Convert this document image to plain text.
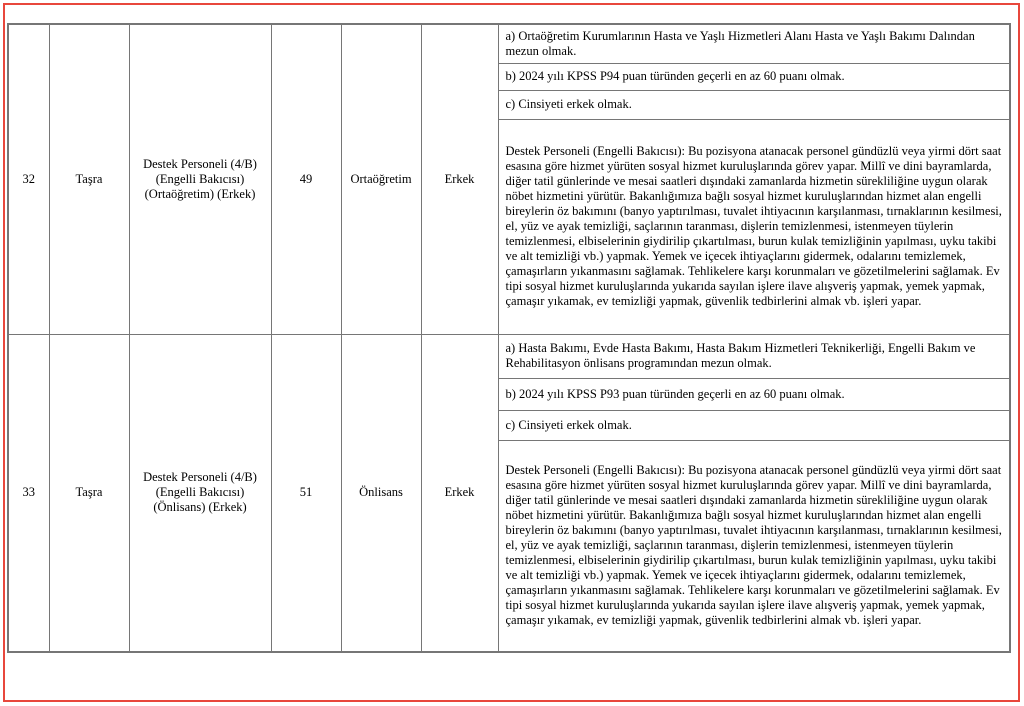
32	Taşra	Destek Personeli (4/B) (Engelli Bakıcısı) (Ortaöğretim) (Erkek)	49	Ortaöğretim	Erkek	a) Ortaöğretim Kurumlarının Hasta ve Yaşlı Hizmetleri Alanı Hasta ve Yaşlı Bakımı Dalından mezun olmak.
						b) 2024 yılı KPSS P94 puan türünden geçerli en az 60 puanı olmak.
						c) Cinsiyeti erkek olmak.
						Destek Personeli (Engelli Bakıcısı): Bu pozisyona atanacak personel gündüzlü veya yirmi dört saat esasına göre hizmet yürüten sosyal hizmet kuruluşlarında görev yapar. Millî ve dini bayramlarda, diğer tatil günlerinde ve mesai saatleri dışındaki zamanlarda hizmetin sürekliliğine uygun olarak nöbet hizmetini yürütür. Bakanlığımıza bağlı sosyal hizmet kuruluşlarından hizmet alan engelli bireylerin öz bakımını (banyo yaptırılması, tuvalet ihtiyacının karşılanması, tırnaklarının kesilmesi, el, yüz ve ayak temizliği, saçlarının taranması, dişlerin temizlenmesi, istenmeyen tüylerin temizlenmesi, elbiselerinin giydirilip çıkartılması, burun kulak temizliğinin yapılması, uyku takibi ve alt temizliği vb.) yapmak. Yemek ve içecek ihtiyaçlarını gidermek, odalarını temizlemek, çamaşırların yıkanmasını sağlamak. Tehlikelere karşı korunmaları ve gözetilmelerini sağlamak. Ev tipi sosyal hizmet kuruluşlarında yukarıda sayılan işlere ilave alışveriş yapmak, yemek yapmak, çamaşır yıkamak, ev temizliği yapmak, güvenlik tedbirlerini almak vb. işleri yapar.
33	Taşra	Destek Personeli (4/B) (Engelli Bakıcısı) (Önlisans) (Erkek)	51	Önlisans	Erkek	a) Hasta Bakımı, Evde Hasta Bakımı, Hasta Bakım Hizmetleri Teknikerliği, Engelli Bakım ve Rehabilitasyon önlisans programından mezun olmak.
						b) 2024 yılı KPSS P93 puan türünden geçerli en az 60 puanı olmak.
						c) Cinsiyeti erkek olmak.
						Destek Personeli (Engelli Bakıcısı): Bu pozisyona atanacak personel gündüzlü veya yirmi dört saat esasına göre hizmet yürüten sosyal hizmet kuruluşlarında görev yapar. Millî ve dini bayramlarda, diğer tatil günlerinde ve mesai saatleri dışındaki zamanlarda hizmetin sürekliliğine uygun olarak nöbet hizmetini yürütür. Bakanlığımıza bağlı sosyal hizmet kuruluşlarından hizmet alan engelli bireylerin öz bakımını (banyo yaptırılması, tuvalet ihtiyacının karşılanması, tırnaklarının kesilmesi, el, yüz ve ayak temizliği, saçlarının taranması, dişlerin temizlenmesi, istenmeyen tüylerin temizlenmesi, elbiselerinin giydirilip çıkartılması, burun kulak temizliğinin yapılması, uyku takibi ve alt temizliği vb.) yapmak. Yemek ve içecek ihtiyaçlarını gidermek, odalarını temizlemek, çamaşırların yıkanmasını sağlamak. Tehlikelere karşı korunmaları ve gözetilmelerini sağlamak. Ev tipi sosyal hizmet kuruluşlarında yukarıda sayılan işlere ilave alışveriş yapmak, yemek yapmak, çamaşır yıkamak, ev temizliği yapmak, güvenlik tedbirlerini almak vb. işleri yapar.
